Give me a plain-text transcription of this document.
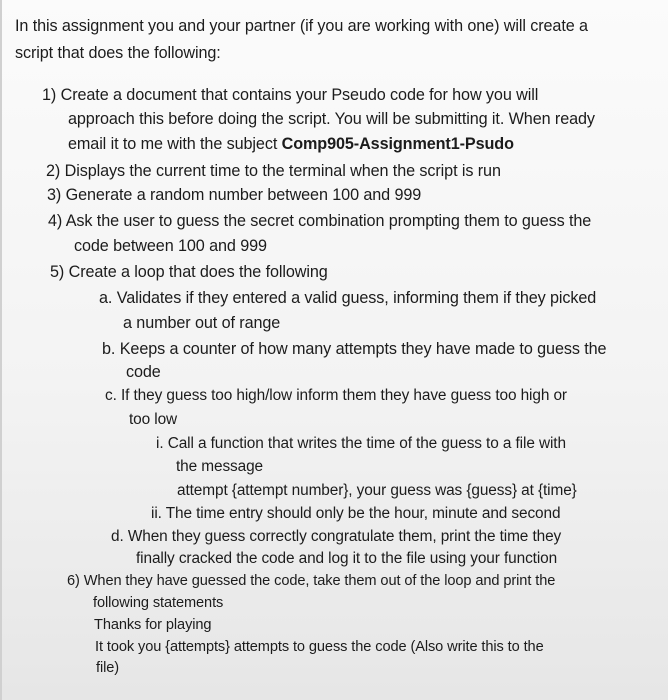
In this assignment you and your partner (if you are working with one) will create a
script that does the following:
1) Create a document that contains your Pseudo code for how you will
approach this before doing the script. You will be submitting it. When ready
email it to me with the subject Comp905-Assignment1-Psudo
2) Displays the current time to the terminal when the script is run
3) Generate a random number between 100 and 999
4) Ask the user to guess the secret combination prompting them to guess the
code between 100 and 999
5) Create a loop that does the following
a. Validates if they entered a valid guess, informing them if they picked
a number out of range
b. Keeps a counter of how many attempts they have made to guess the
code
c. If they guess too high/low inform them they have guess too high or
too low
i. Call a function that writes the time of the guess to a file with
the message
attempt {attempt number}, your guess was {guess} at {time}
ii. The time entry should only be the hour, minute and second
d. When they guess correctly congratulate them, print the time they
finally cracked the code and log it to the file using your function
6) When they have guessed the code, take them out of the loop and print the
following statements
Thanks for playing
It took you {attempts} attempts to guess the code (Also write this to the
file)
